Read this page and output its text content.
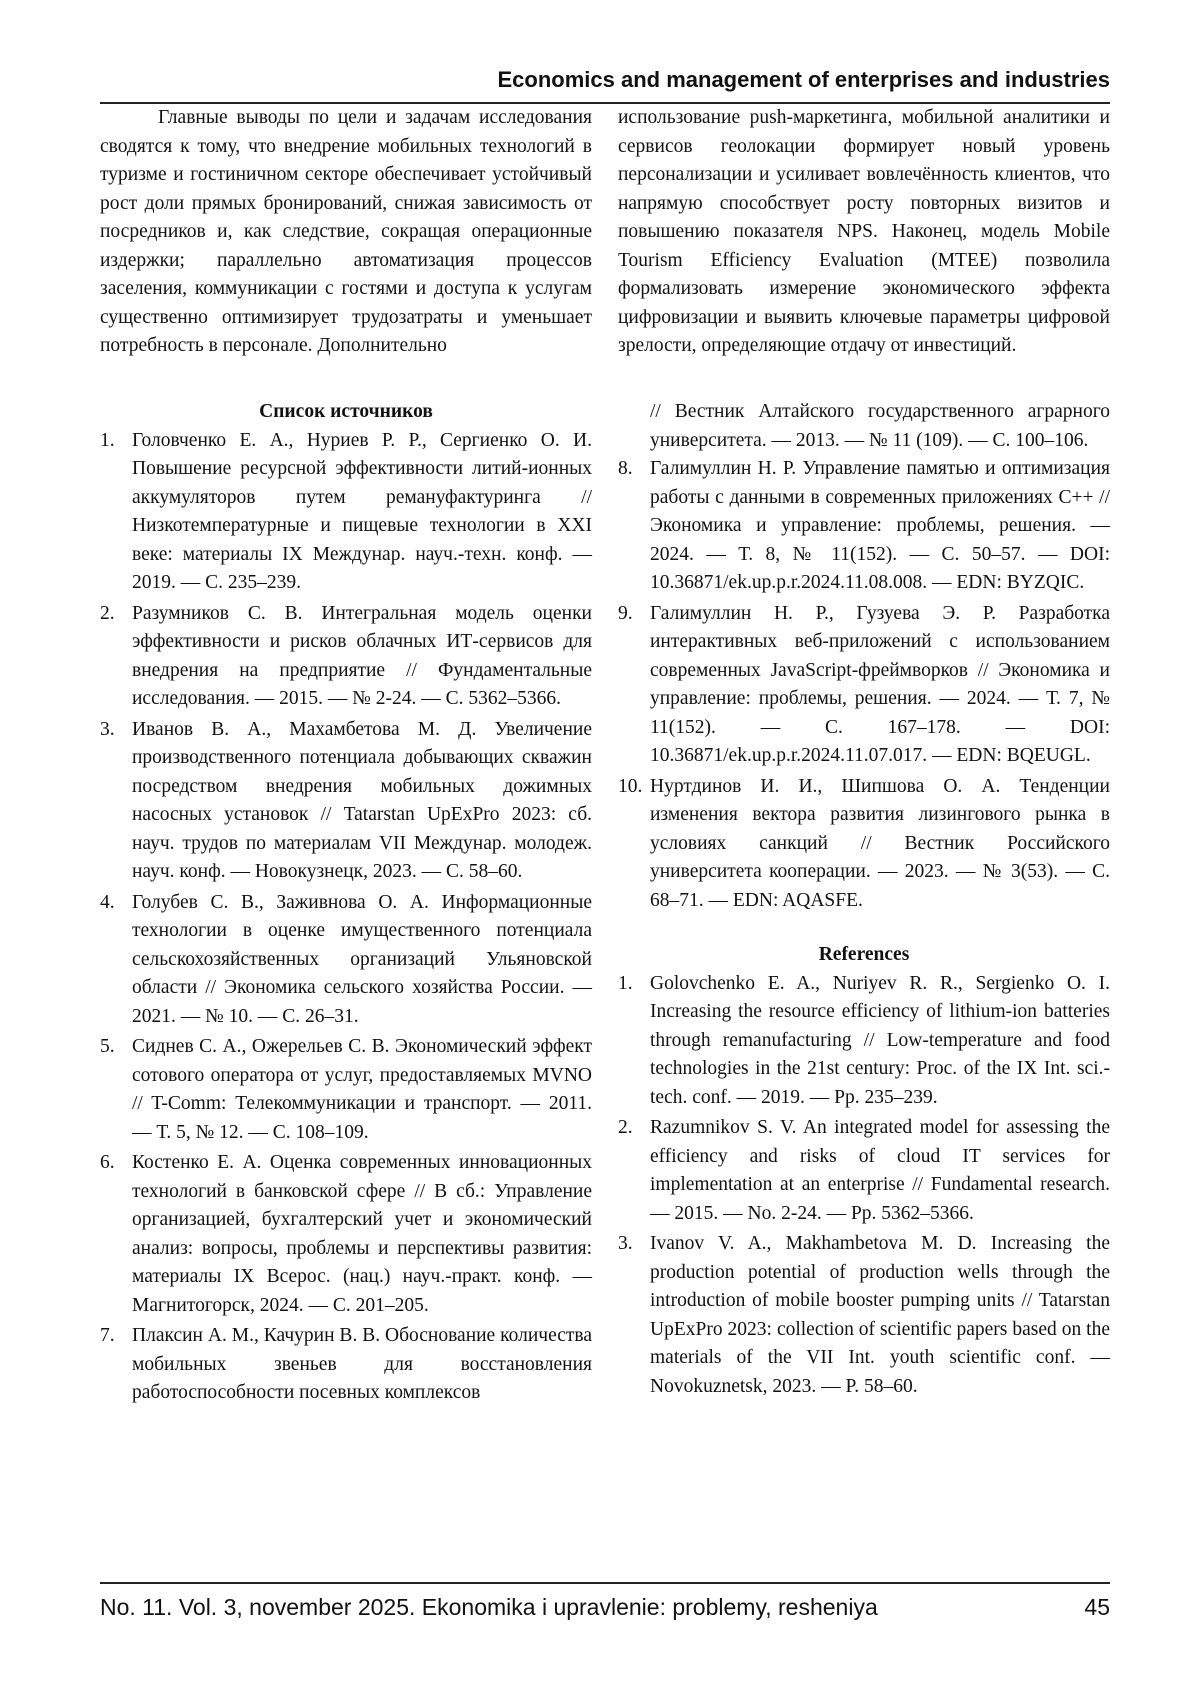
Economics and management of enterprises and industries

Главные выводы по цели и задачам исследования сводятся к тому, что внедрение мобильных технологий в туризме и гостиничном секторе обеспечивает устойчивый рост доли прямых бронирований, снижая зависимость от посредников и, как следствие, сокращая операционные издержки; параллельно автоматизация процессов заселения, коммуникации с гостями и доступа к услугам существенно оптимизирует трудозатраты и уменьшает потребность в персонале. Дополнительно

использование push-маркетинга, мобильной аналитики и сервисов геолокации формирует новый уровень персонализации и усиливает вовлечённость клиентов, что напрямую способствует росту повторных визитов и повышению показателя NPS. Наконец, модель Mobile Tourism Efficiency Evaluation (MTEE) позволила формализовать измерение экономического эффекта цифровизации и выявить ключевые параметры цифровой зрелости, определяющие отдачу от инвестиций.

Список источников

1. Головченко Е. А., Нуриев Р. Р., Сергиенко О. И. Повышение ресурсной эффективности литий-ионных аккумуляторов путем ремануфактуринга // Низкотемпературные и пищевые технологии в XXI веке: материалы IX Междунар. науч.-техн. конф. — 2019. — С. 235–239.
2. Разумников С. В. Интегральная модель оценки эффективности и рисков облачных ИТ-сервисов для внедрения на предприятие // Фундаментальные исследования. — 2015. — № 2-24. — С. 5362–5366.
3. Иванов В. А., Махамбетова М. Д. Увеличение производственного потенциала добывающих скважин посредством внедрения мобильных дожимных насосных установок // Tatarstan UpExPro 2023: сб. науч. трудов по материалам VII Междунар. молодеж. науч. конф. — Новокузнецк, 2023. — С. 58–60.
4. Голубев С. В., Заживнова О. А. Информационные технологии в оценке имущественного потенциала сельскохозяйственных организаций Ульяновской области // Экономика сельского хозяйства России. — 2021. — № 10. — С. 26–31.
5. Сиднев С. А., Ожерельев С. В. Экономический эффект сотового оператора от услуг, предоставляемых MVNO // T-Comm: Телекоммуникации и транспорт. — 2011. — Т. 5, № 12. — С. 108–109.
6. Костенко Е. А. Оценка современных инновационных технологий в банковской сфере // В сб.: Управление организацией, бухгалтерский учет и экономический анализ: вопросы, проблемы и перспективы развития: материалы IX Всерос. (нац.) науч.-практ. конф. — Магнитогорск, 2024. — С. 201–205.
7. Плаксин А. М., Качурин В. В. Обоснование количества мобильных звеньев для восстановления работоспособности посевных комплексов

// Вестник Алтайского государственного аграрного университета. — 2013. — № 11 (109). — С. 100–106.

8. Галимуллин Н. Р. Управление памятью и оптимизация работы с данными в современных приложениях C++ // Экономика и управление: проблемы, решения. — 2024. — Т. 8, № 11(152). — С. 50–57. — DOI: 10.36871/ek.up.p.r.2024.11.08.008. — EDN: BYZQIC.
9. Галимуллин Н. Р., Гузуева Э. Р. Разработка интерактивных веб-приложений с использованием современных JavaScript-фреймворков // Экономика и управление: проблемы, решения. — 2024. — Т. 7, № 11(152). — С. 167–178. — DOI: 10.36871/ek.up.p.r.2024.11.07.017. — EDN: BQEUGL.
10. Нуртдинов И. И., Шипшова О. А. Тенденции изменения вектора развития лизингового рынка в условиях санкций // Вестник Российского университета кооперации. — 2023. — № 3(53). — С. 68–71. — EDN: AQASFE.

References

1. Golovchenko E. A., Nuriyev R. R., Sergienko O. I. Increasing the resource efficiency of lithium-ion batteries through remanufacturing // Low-temperature and food technologies in the 21st century: Proc. of the IX Int. sci.-tech. conf. — 2019. — Pp. 235–239.
2. Razumnikov S. V. An integrated model for assessing the efficiency and risks of cloud IT services for implementation at an enterprise // Fundamental research. — 2015. — No. 2-24. — Pp. 5362–5366.
3. Ivanov V. A., Makhambetova M. D. Increasing the production potential of production wells through the introduction of mobile booster pumping units // Tatarstan UpExPro 2023: collection of scientific papers based on the materials of the VII Int. youth scientific conf. — Novokuznetsk, 2023. — P. 58–60.
No. 11. Vol. 3, november 2025. Ekonomika i upravlenie: problemy, resheniya	45
